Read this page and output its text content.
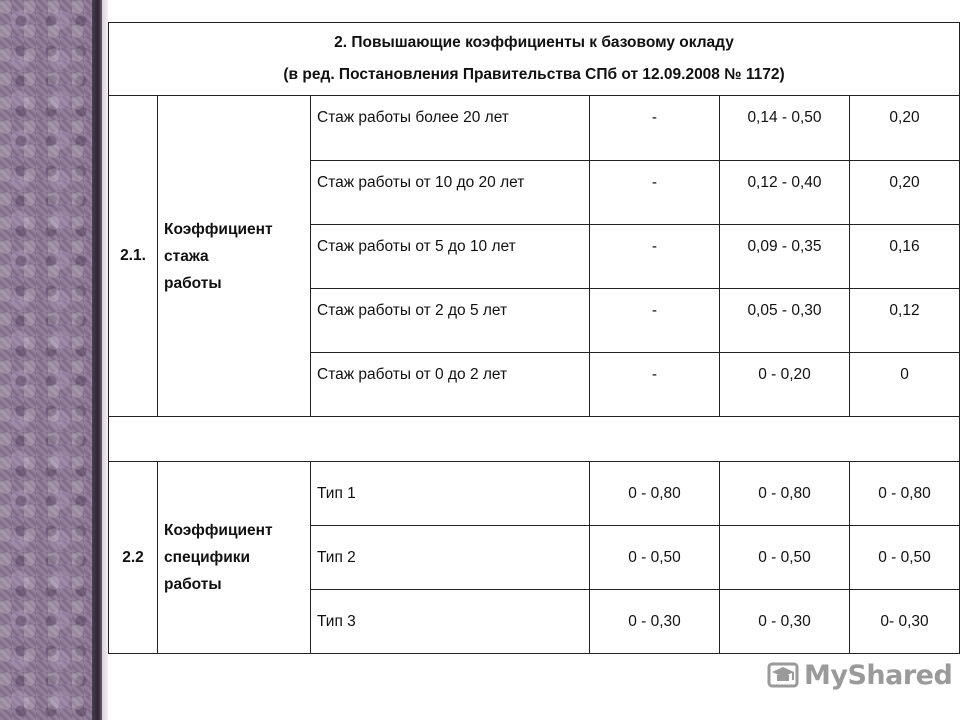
2. Повышающие коэффициенты к базовому окладу
(в ред. Постановления Правительства СПб от 12.09.2008 № 1172)					

2.1.	Коэффициент
стажа
работы	Стаж работы более 20 лет	-	0,14 - 0,50	0,20
		Стаж работы от 10 до 20 лет	-	0,12 - 0,40	0,20
		Стаж работы от 5 до 10 лет	-	0,09 - 0,35	0,16
		Стаж работы от 2 до 5 лет	-	0,05 - 0,30	0,12
		Стаж работы от 0 до 2 лет	-	0 - 0,20	0

2.2	Коэффициент
специфики
работы	Тип 1	0 - 0,80	0 - 0,80	0 - 0,80
		Тип 2	0 - 0,50	0 - 0,50	0 - 0,50
		Тип 3	0 - 0,30	0 - 0,30	0- 0,30
MyShared
